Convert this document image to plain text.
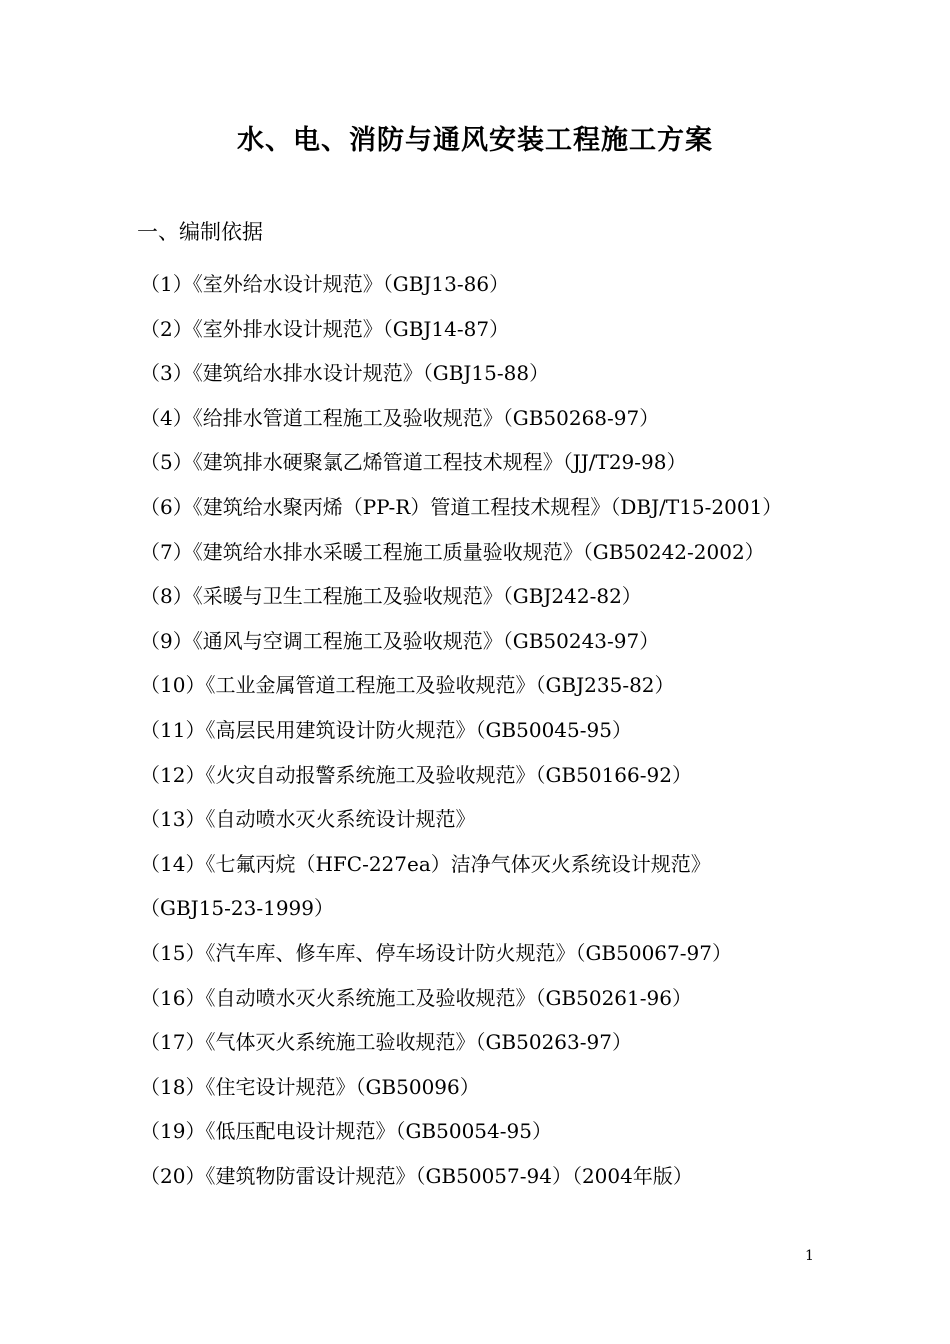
水、电、消防与通风安装工程施工方案
一、编制依据
（1）《室外给水设计规范》（GBJ13-86）
（2）《室外排水设计规范》（GBJ14-87）
（3）《建筑给水排水设计规范》（GBJ15-88）
（4）《给排水管道工程施工及验收规范》（GB50268-97）
（5）《建筑排水硬聚氯乙烯管道工程技术规程》（JJ/T29-98）
（6）《建筑给水聚丙烯（PP-R）管道工程技术规程》（DBJ/T15-2001）
（7）《建筑给水排水采暖工程施工质量验收规范》（GB50242-2002）
（8）《采暖与卫生工程施工及验收规范》（GBJ242-82）
（9）《通风与空调工程施工及验收规范》（GB50243-97）
（10）《工业金属管道工程施工及验收规范》（GBJ235-82）
（11）《高层民用建筑设计防火规范》（GB50045-95）
（12）《火灾自动报警系统施工及验收规范》（GB50166-92）
（13）《自动喷水灭火系统设计规范》
（14）《七氟丙烷（HFC-227ea）洁净气体灭火系统设计规范》
（GBJ15-23-1999）
（15）《汽车库、修车库、停车场设计防火规范》（GB50067-97）
（16）《自动喷水灭火系统施工及验收规范》（GB50261-96）
（17）《气体灭火系统施工验收规范》（GB50263-97）
（18）《住宅设计规范》（GB50096）
（19）《低压配电设计规范》（GB50054-95）
（20）《建筑物防雷设计规范》（GB50057-94）（2004年版）
1
